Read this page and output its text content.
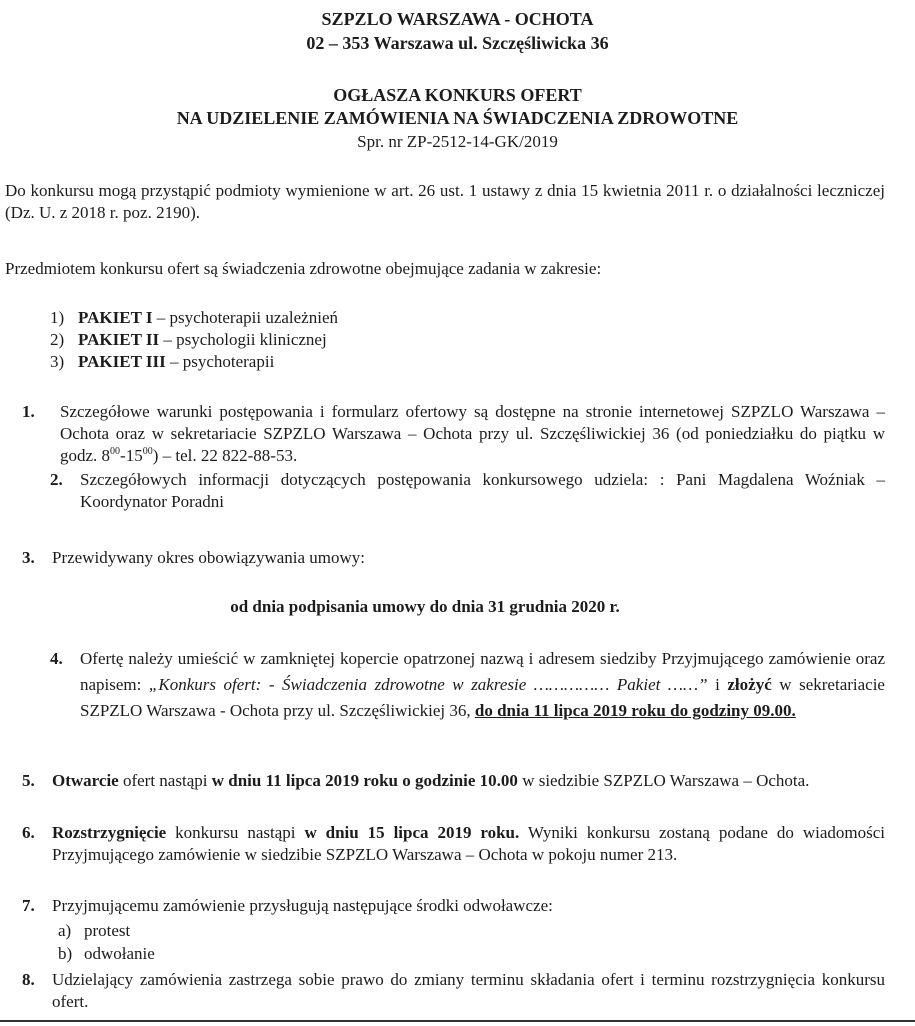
SZPZLO WARSZAWA - OCHOTA
02 – 353 Warszawa ul. Szczęśliwicka 36
OGŁASZA KONKURS OFERT
NA UDZIELENIE ZAMÓWIENIA NA ŚWIADCZENIA ZDROWOTNE
Spr. nr ZP-2512-14-GK/2019
Do konkursu mogą przystąpić podmioty wymienione w art. 26 ust. 1 ustawy z dnia 15 kwietnia 2011 r. o działalności leczniczej (Dz. U. z 2018 r. poz. 2190).
Przedmiotem konkursu ofert są świadczenia zdrowotne obejmujące zadania w zakresie:
1) PAKIET I – psychoterapii uzależnień
2) PAKIET II – psychologii klinicznej
3) PAKIET III – psychoterapii
1. Szczegółowe warunki postępowania i formularz ofertowy są dostępne na stronie internetowej SZPZLO Warszawa – Ochota oraz w sekretariacie SZPZLO Warszawa – Ochota przy ul. Szczęśliwickiej 36 (od poniedziałku do piątku w godz. $8^{00}-15^{00}$) – tel. 22 822-88-53.
2. Szczegółowych informacji dotyczących postępowania konkursowego udziela: : Pani Magdalena Woźniak – Koordynator Poradni
3. Przewidywany okres obowiązywania umowy:
od dnia podpisania umowy do dnia 31 grudnia 2020 r.
4. Ofertę należy umieścić w zamkniętej kopercie opatrzonej nazwą i adresem siedziby Przyjmującego zamówienie oraz napisem: „Konkurs ofert: - Świadczenia zdrowotne w zakresie …………… Pakiet ……” i złożyć w sekretariacie SZPZLO Warszawa - Ochota przy ul. Szczęśliwickiej 36, do dnia 11 lipca 2019 roku do godziny 09.00.
5. Otwarcie ofert nastąpi w dniu 11 lipca 2019 roku o godzinie 10.00 w siedzibie SZPZLO Warszawa – Ochota.
6. Rozstrzygnięcie konkursu nastąpi w dniu 15 lipca 2019 roku. Wyniki konkursu zostaną podane do wiadomości Przyjmującego zamówienie w siedzibie SZPZLO Warszawa – Ochota w pokoju numer 213.
7. Przyjmującemu zamówienie przysługują następujące środki odwoławcze:
a) protest
b) odwołanie
8. Udzielający zamówienia zastrzega sobie prawo do zmiany terminu składania ofert i terminu rozstrzygnięcia konkursu ofert.
